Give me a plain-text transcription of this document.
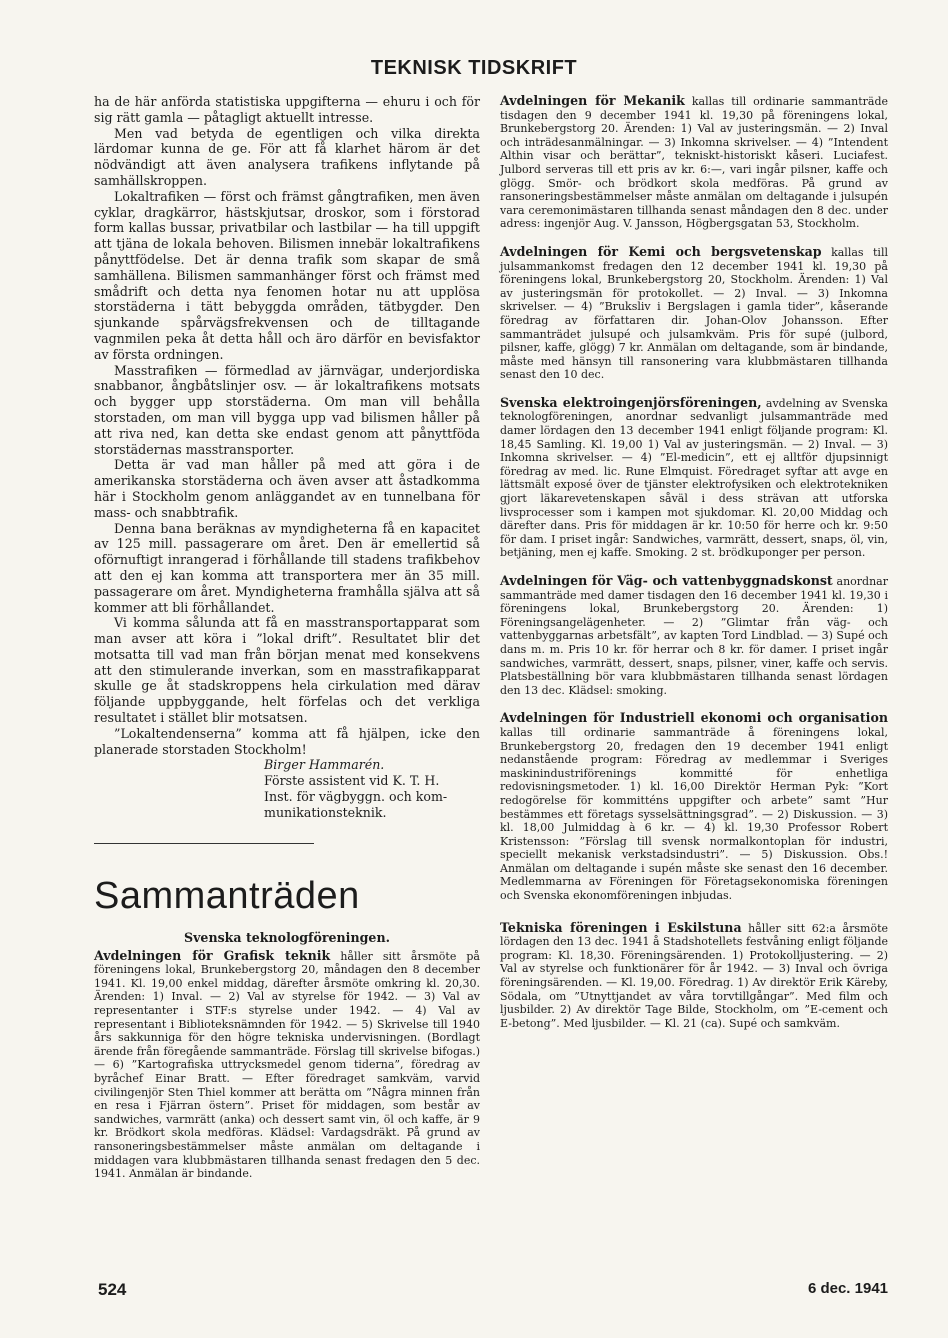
TEKNISK TIDSKRIFT

ha de här anförda statistiska uppgifterna — ehuru i och för sig rätt gamla — påtagligt aktuellt intresse.

Men vad betyda de egentligen och vilka direkta lärdomar kunna de ge. För att få klarhet härom är det nödvändigt att även analysera trafikens inflytande på samhällskroppen.

Lokaltrafiken — först och främst gångtrafiken, men även cyklar, dragkärror, hästskjutsar, droskor, som i förstorad form kallas bussar, privatbilar och lastbilar — ha till uppgift att tjäna de lokala behoven. Bilismen innebär lokaltrafikens pånyttfödelse. Det är denna trafik som skapar de små samhällena. Bilismen sammanhänger först och främst med smådrift och detta nya fenomen hotar nu att upplösa storstäderna i tätt bebyggda områden, tätbygder. Den sjunkande spårvägsfrekvensen och de tilltagande vagnmilen peka åt detta håll och äro därför en bevisfaktor av första ordningen.

Masstrafiken — förmedlad av järnvägar, underjordiska snabbanor, ångbåtslinjer osv. — är lokaltrafikens motsats och bygger upp storstäderna. Om man vill behålla storstaden, om man vill bygga upp vad bilismen håller på att riva ned, kan detta ske endast genom att pånyttföda storstädernas masstransporter.

Detta är vad man håller på med att göra i de amerikanska storstäderna och även avser att åstadkomma här i Stockholm genom anläggandet av en tunnelbana för mass- och snabbtrafik.

Denna bana beräknas av myndigheterna få en kapacitet av 125 mill. passagerare om året. Den är emellertid så oförnuftigt inrangerad i förhållande till stadens trafikbehov att den ej kan komma att transportera mer än 35 mill. passagerare om året. Myndigheterna framhålla själva att så kommer att bli förhållandet.

Vi komma sålunda att få en masstransportapparat som man avser att köra i ”lokal drift”. Resultatet blir det motsatta till vad man från början menat med konsekvens att den stimulerande inverkan, som en masstrafikapparat skulle ge åt stadskroppens hela cirkulation med därav följande uppbyggande, helt förfelas och det verkliga resultatet i stället blir motsatsen.

”Lokaltendenserna” komma att få hjälpen, icke den planerade storstaden Stockholm!

Birger Hammarén.

Förste assistent vid K. T. H.

Inst. för vägbyggn. och kom-

munikationsteknik.

Sammanträden
Svenska teknologföreningen.

Avdelningen för Grafisk teknik håller sitt årsmöte på föreningens lokal, Brunkebergstorg 20, måndagen den 8 december 1941. Kl. 19,00 enkel middag, därefter årsmöte omkring kl. 20,30. Ärenden: 1) Inval. — 2) Val av styrelse för 1942. — 3) Val av representanter i STF:s styrelse under 1942. — 4) Val av representant i Biblioteksnämnden för 1942. — 5) Skrivelse till 1940 års sakkunniga för den högre tekniska undervisningen. (Bordlagt ärende från föregående sammanträde. Förslag till skrivelse bifogas.) — 6) ”Kartografiska uttrycksmedel genom tiderna”, föredrag av byråchef Einar Bratt. — Efter föredraget samkväm, varvid civilingenjör Sten Thiel kommer att berätta om ”Några minnen från en resa i Fjärran östern”. Priset för middagen, som består av sandwiches, varmrätt (anka) och dessert samt vin, öl och kaffe, är 9 kr. Brödkort skola medföras. Klädsel: Vardagsdräkt. På grund av ransoneringsbestämmelser måste anmälan om deltagande i middagen vara klubbmästaren tillhanda senast fredagen den 5 dec. 1941. Anmälan är bindande.

Avdelningen för Mekanik kallas till ordinarie sammanträde tisdagen den 9 december 1941 kl. 19,30 på föreningens lokal, Brunkebergstorg 20. Ärenden: 1) Val av justeringsmän. — 2) Inval och inträdesanmälningar. — 3) Inkomna skrivelser. — 4) ”Intendent Althin visar och berättar”, tekniskt-historiskt kåseri. Luciafest. Julbord serveras till ett pris av kr. 6:—, vari ingår pilsner, kaffe och glögg. Smör- och brödkort skola medföras. På grund av ransoneringsbestämmelser måste anmälan om deltagande i julsupén vara ceremonimästaren tillhanda senast måndagen den 8 dec. under adress: ingenjör Aug. V. Jansson, Högbergsgatan 53, Stockholm.

Avdelningen för Kemi och bergsvetenskap kallas till julsammankomst fredagen den 12 december 1941 kl. 19,30 på föreningens lokal, Brunkebergstorg 20, Stockholm. Ärenden: 1) Val av justeringsmän för protokollet. — 2) Inval. — 3) Inkomna skrivelser. — 4) ”Bruksliv i Bergslagen i gamla tider”, kåserande föredrag av författaren dir. Johan-Olov Johansson. Efter sammanträdet julsupé och julsamkväm. Pris för supé (julbord, pilsner, kaffe, glögg) 7 kr. Anmälan om deltagande, som är bindande, måste med hänsyn till ransonering vara klubbmästaren tillhanda senast den 10 dec.

Svenska elektroingenjörsföreningen, avdelning av Svenska teknologföreningen, anordnar sedvanligt julsammanträde med damer lördagen den 13 december 1941 enligt följande program: Kl. 18,45 Samling. Kl. 19,00 1) Val av justeringsmän. — 2) Inval. — 3) Inkomna skrivelser. — 4) ”El-medicin”, ett ej alltför djupsinnigt föredrag av med. lic. Rune Elmquist. Föredraget syftar att avge en lättsmält exposé över de tjänster elektrofysiken och elektrotekniken gjort läkarevetenskapen såväl i dess strävan att utforska livsprocesser som i kampen mot sjukdomar. Kl. 20,00 Middag och därefter dans. Pris för middagen är kr. 10:50 för herre och kr. 9:50 för dam. I priset ingår: Sandwiches, varmrätt, dessert, snaps, öl, vin, betjäning, men ej kaffe. Smoking. 2 st. brödkuponger per person.

Avdelningen för Väg- och vattenbyggnadskonst anordnar sammanträde med damer tisdagen den 16 december 1941 kl. 19,30 i föreningens lokal, Brunkebergstorg 20. Ärenden: 1) Föreningsangelägenheter. — 2) ”Glimtar från väg- och vattenbyggarnas arbetsfält”, av kapten Tord Lindblad. — 3) Supé och dans m. m. Pris 10 kr. för herrar och 8 kr. för damer. I priset ingår sandwiches, varmrätt, dessert, snaps, pilsner, viner, kaffe och servis. Platsbeställning bör vara klubbmästaren tillhanda senast lördagen den 13 dec. Klädsel: smoking.

Avdelningen för Industriell ekonomi och organisation kallas till ordinarie sammanträde å föreningens lokal, Brunkebergstorg 20, fredagen den 19 december 1941 enligt nedanstående program: Föredrag av medlemmar i Sveriges maskinindustriförenings kommitté för enhetliga redovisningsmetoder. 1) kl. 16,00 Direktör Herman Pyk: ”Kort redogörelse för kommitténs uppgifter och arbete” samt ”Hur bestämmes ett företags sysselsättningsgrad”. — 2) Diskussion. — 3) kl. 18,00 Julmiddag à 6 kr. — 4) kl. 19,30 Professor Robert Kristensson: ”Förslag till svensk normalkontoplan för industri, speciellt mekanisk verkstadsindustri”. — 5) Diskussion. Obs.! Anmälan om deltagande i supén måste ske senast den 16 december. Medlemmarna av Föreningen för Företagsekonomiska föreningen och Svenska ekonomföreningen inbjudas.

Tekniska föreningen i Eskilstuna håller sitt 62:a årsmöte lördagen den 13 dec. 1941 å Stadshotellets festvåning enligt följande program: Kl. 18,30. Föreningsärenden. 1) Protokolljustering. — 2) Val av styrelse och funktionärer för år 1942. — 3) Inval och övriga föreningsärenden. — Kl. 19,00. Föredrag. 1) Av direktör Erik Käreby, Södala, om ”Utnyttjandet av våra torvtillgångar”. Med film och ljusbilder. 2) Av direktör Tage Bilde, Stockholm, om ”E-cement och E-betong”. Med ljusbilder. — Kl. 21 (ca). Supé och samkväm.

524	6 dec. 1941
